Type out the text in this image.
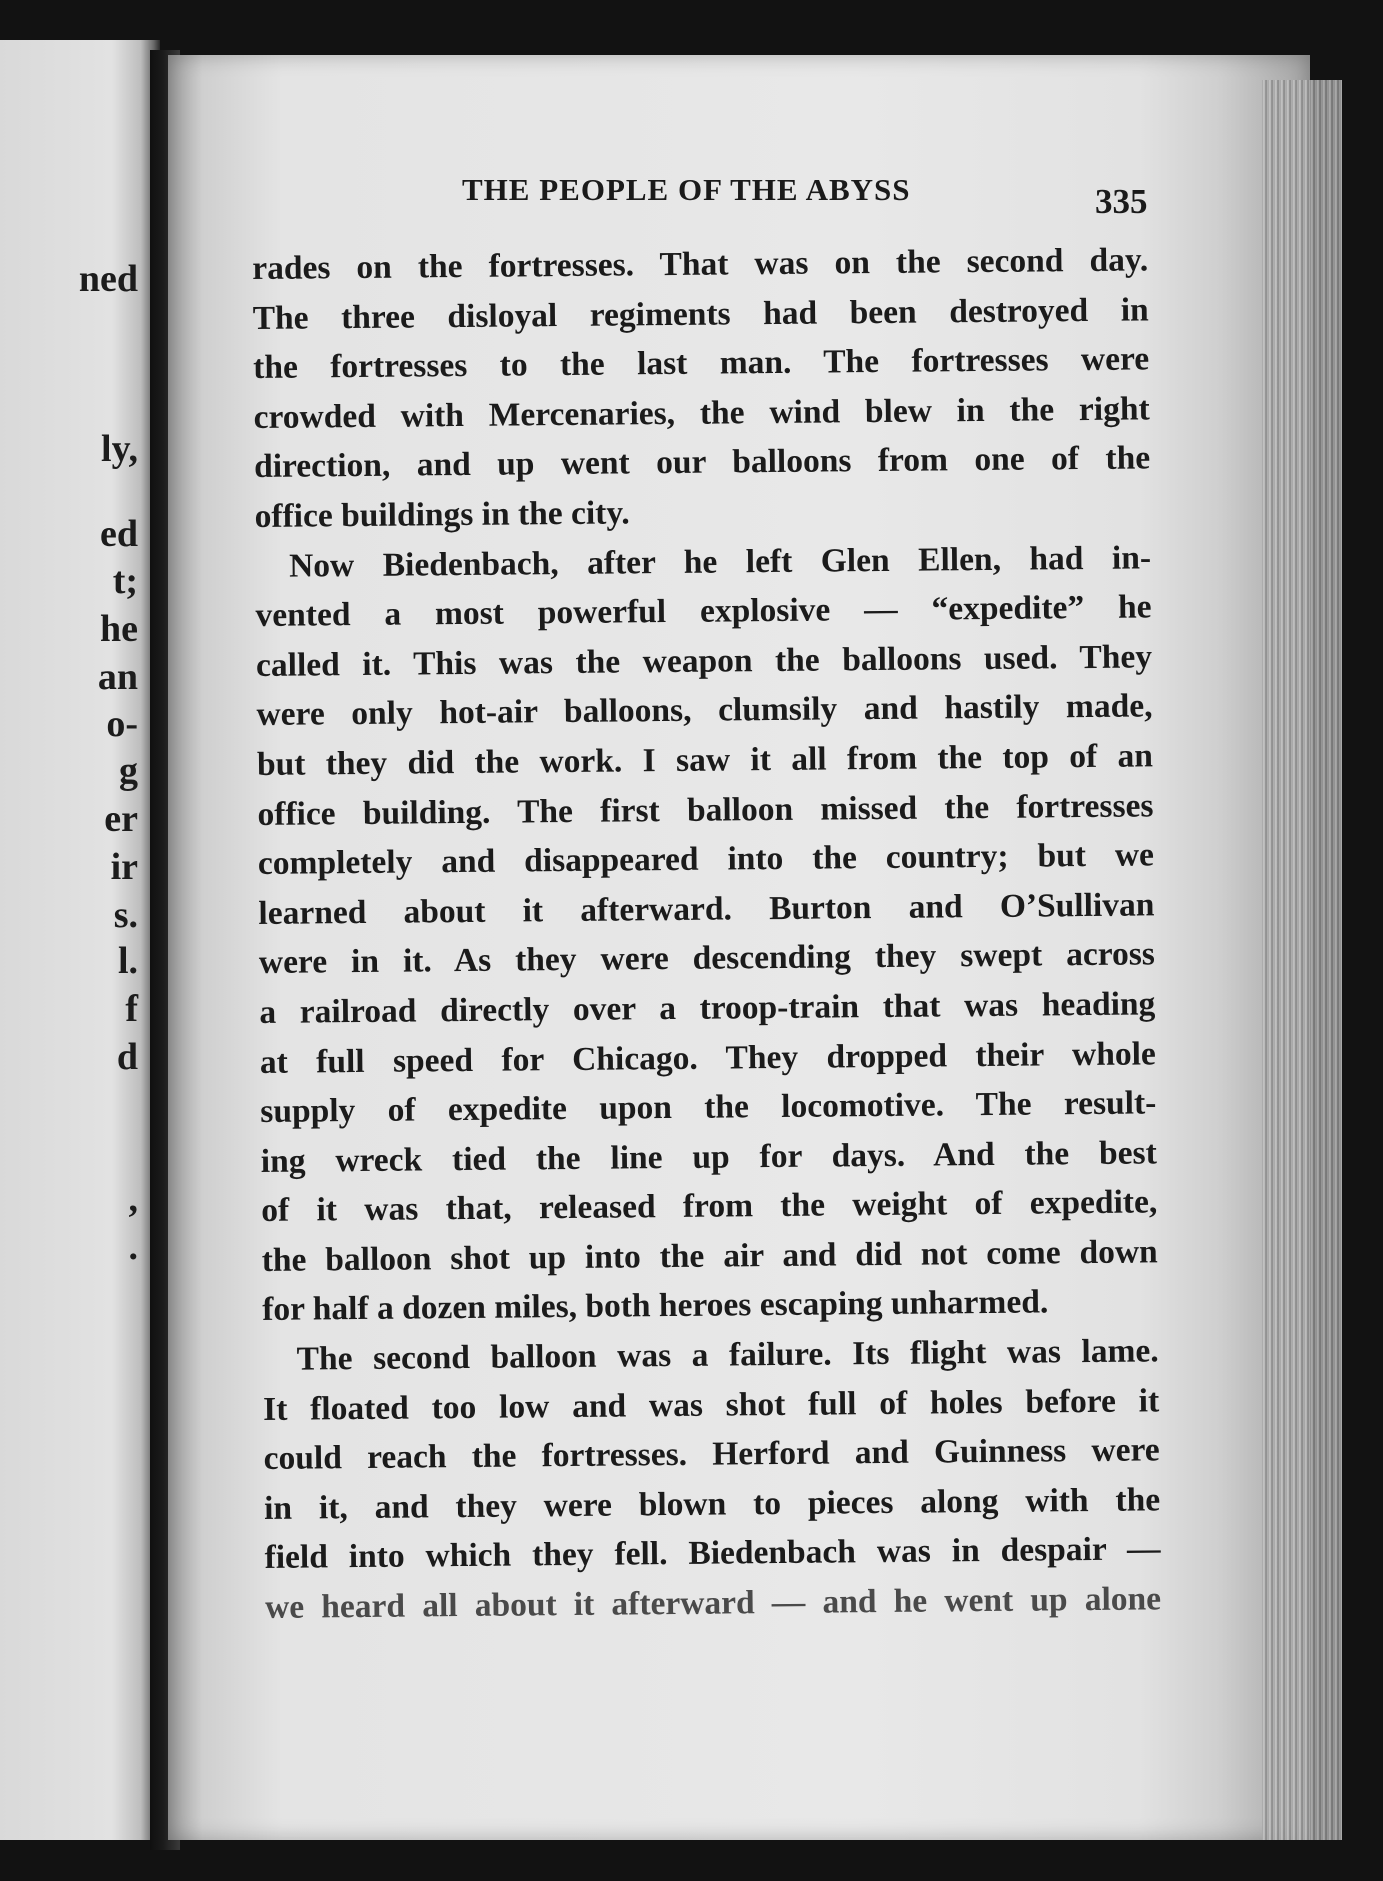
ned
ly,
ed
t;
he
an
o-
g
er
ir
s.
l.
f
d
,
.
THE PEOPLE OF THE ABYSS	335
rades on the fortresses. That was on the second day.
The three disloyal regiments had been destroyed in
the fortresses to the last man. The fortresses were
crowded with Mercenaries, the wind blew in the right
direction, and up went our balloons from one of the
office buildings in the city.
Now Biedenbach, after he left Glen Ellen, had in-
vented a most powerful explosive — “expedite” he
called it. This was the weapon the balloons used. They
were only hot-air balloons, clumsily and hastily made,
but they did the work. I saw it all from the top of an
office building. The first balloon missed the fortresses
completely and disappeared into the country; but we
learned about it afterward. Burton and O’Sullivan
were in it. As they were descending they swept across
a railroad directly over a troop-train that was heading
at full speed for Chicago. They dropped their whole
supply of expedite upon the locomotive. The result-
ing wreck tied the line up for days. And the best
of it was that, released from the weight of expedite,
the balloon shot up into the air and did not come down
for half a dozen miles, both heroes escaping unharmed.
The second balloon was a failure. Its flight was lame.
It floated too low and was shot full of holes before it
could reach the fortresses. Herford and Guinness were
in it, and they were blown to pieces along with the
field into which they fell. Biedenbach was in despair —
we heard all about it afterward — and he went up alone
